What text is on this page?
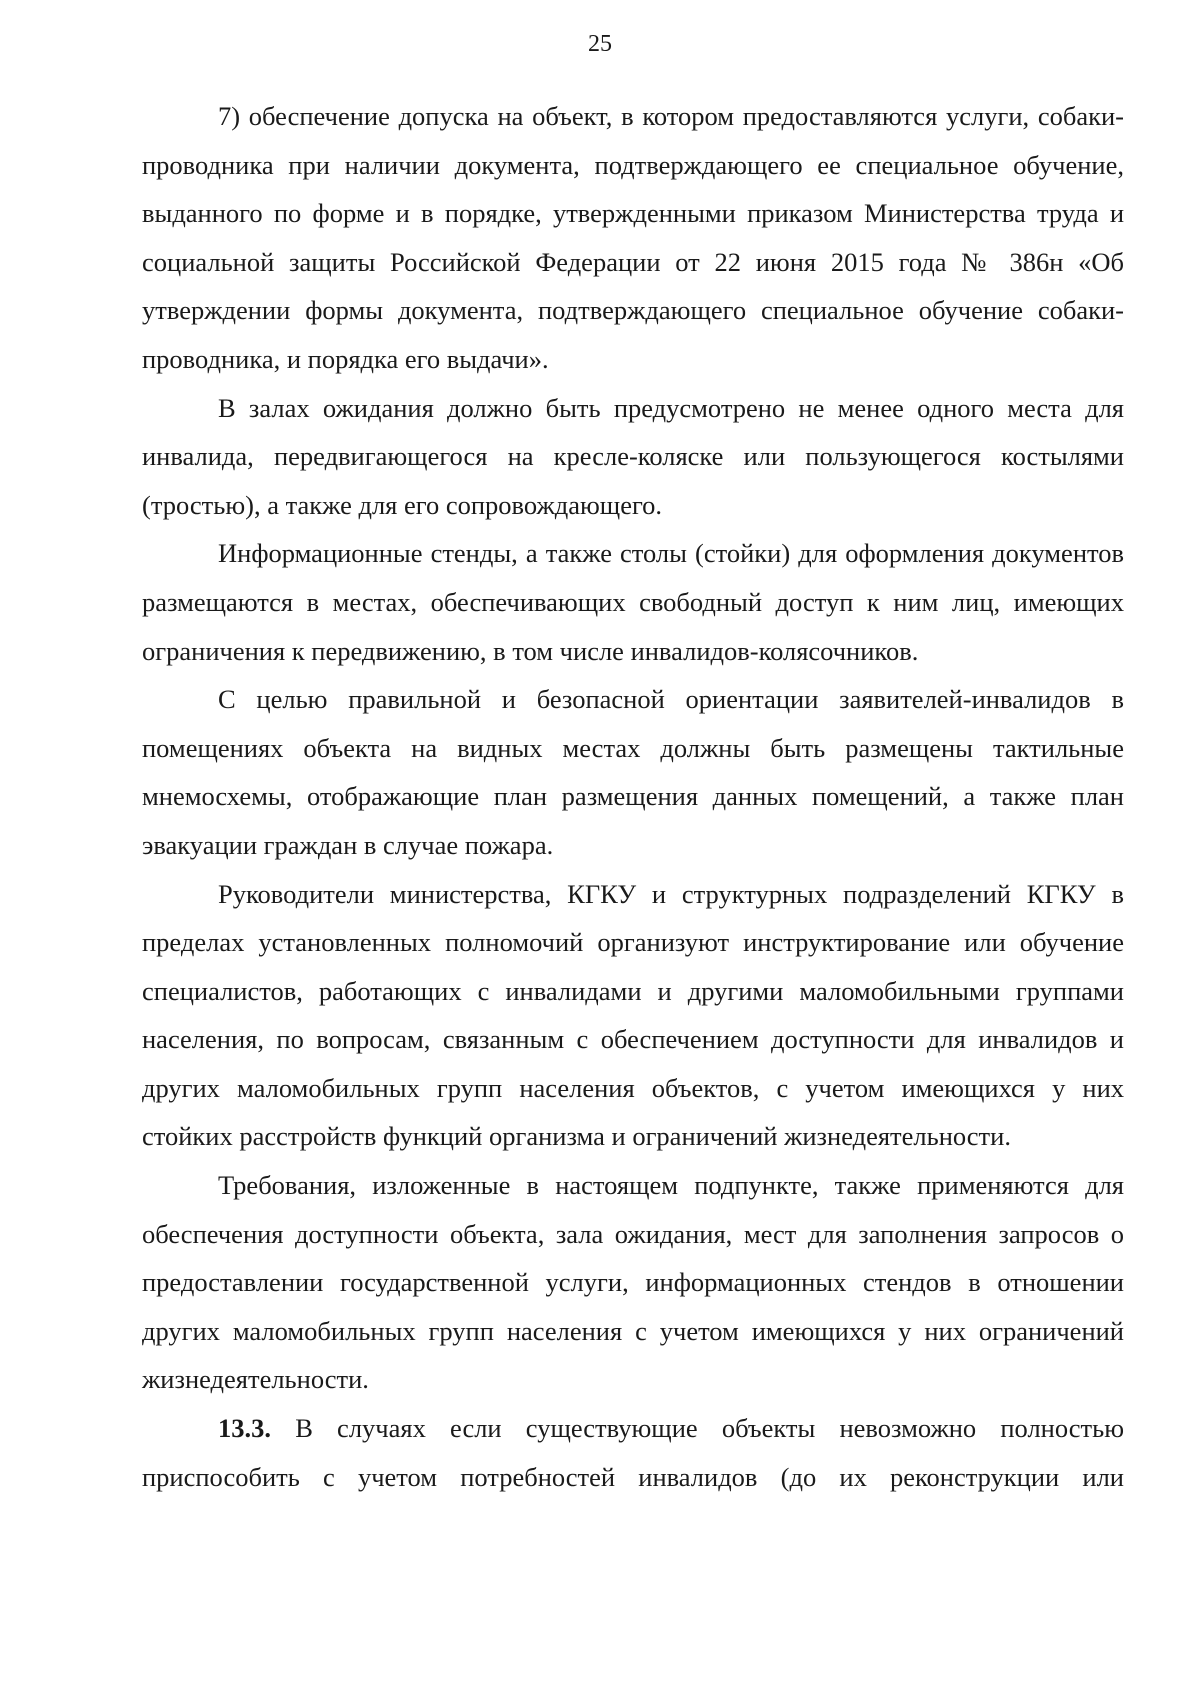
25

7) обеспечение допуска на объект, в котором предоставляются услуги, собаки-проводника при наличии документа, подтверждающего ее специальное обучение, выданного по форме и в порядке, утвержденными приказом Министерства труда и социальной защиты Российской Федерации от 22 июня 2015 года № 386н «Об утверждении формы документа, подтверждающего специальное обучение собаки-проводника, и порядка его выдачи».

В залах ожидания должно быть предусмотрено не менее одного места для инвалида, передвигающегося на кресле-коляске или пользующегося костылями (тростью), а также для его сопровождающего.

Информационные стенды, а также столы (стойки) для оформления документов размещаются в местах, обеспечивающих свободный доступ к ним лиц, имеющих ограничения к передвижению, в том числе инвалидов-колясочников.

С целью правильной и безопасной ориентации заявителей-инвалидов в помещениях объекта на видных местах должны быть размещены тактильные мнемосхемы, отображающие план размещения данных помещений, а также план эвакуации граждан в случае пожара.

Руководители министерства, КГКУ и структурных подразделений КГКУ в пределах установленных полномочий организуют инструктирование или обучение специалистов, работающих с инвалидами и другими маломобильными группами населения, по вопросам, связанным с обеспечением доступности для инвалидов и других маломобильных групп населения объектов, с учетом имеющихся у них стойких расстройств функций организма и ограничений жизнедеятельности.

Требования, изложенные в настоящем подпункте, также применяются для обеспечения доступности объекта, зала ожидания, мест для заполнения запросов о предоставлении государственной услуги, информационных стендов в отношении других маломобильных групп населения с учетом имеющихся у них ограничений жизнедеятельности.

13.3. В случаях если существующие объекты невозможно полностью приспособить с учетом потребностей инвалидов (до их реконструкции или
